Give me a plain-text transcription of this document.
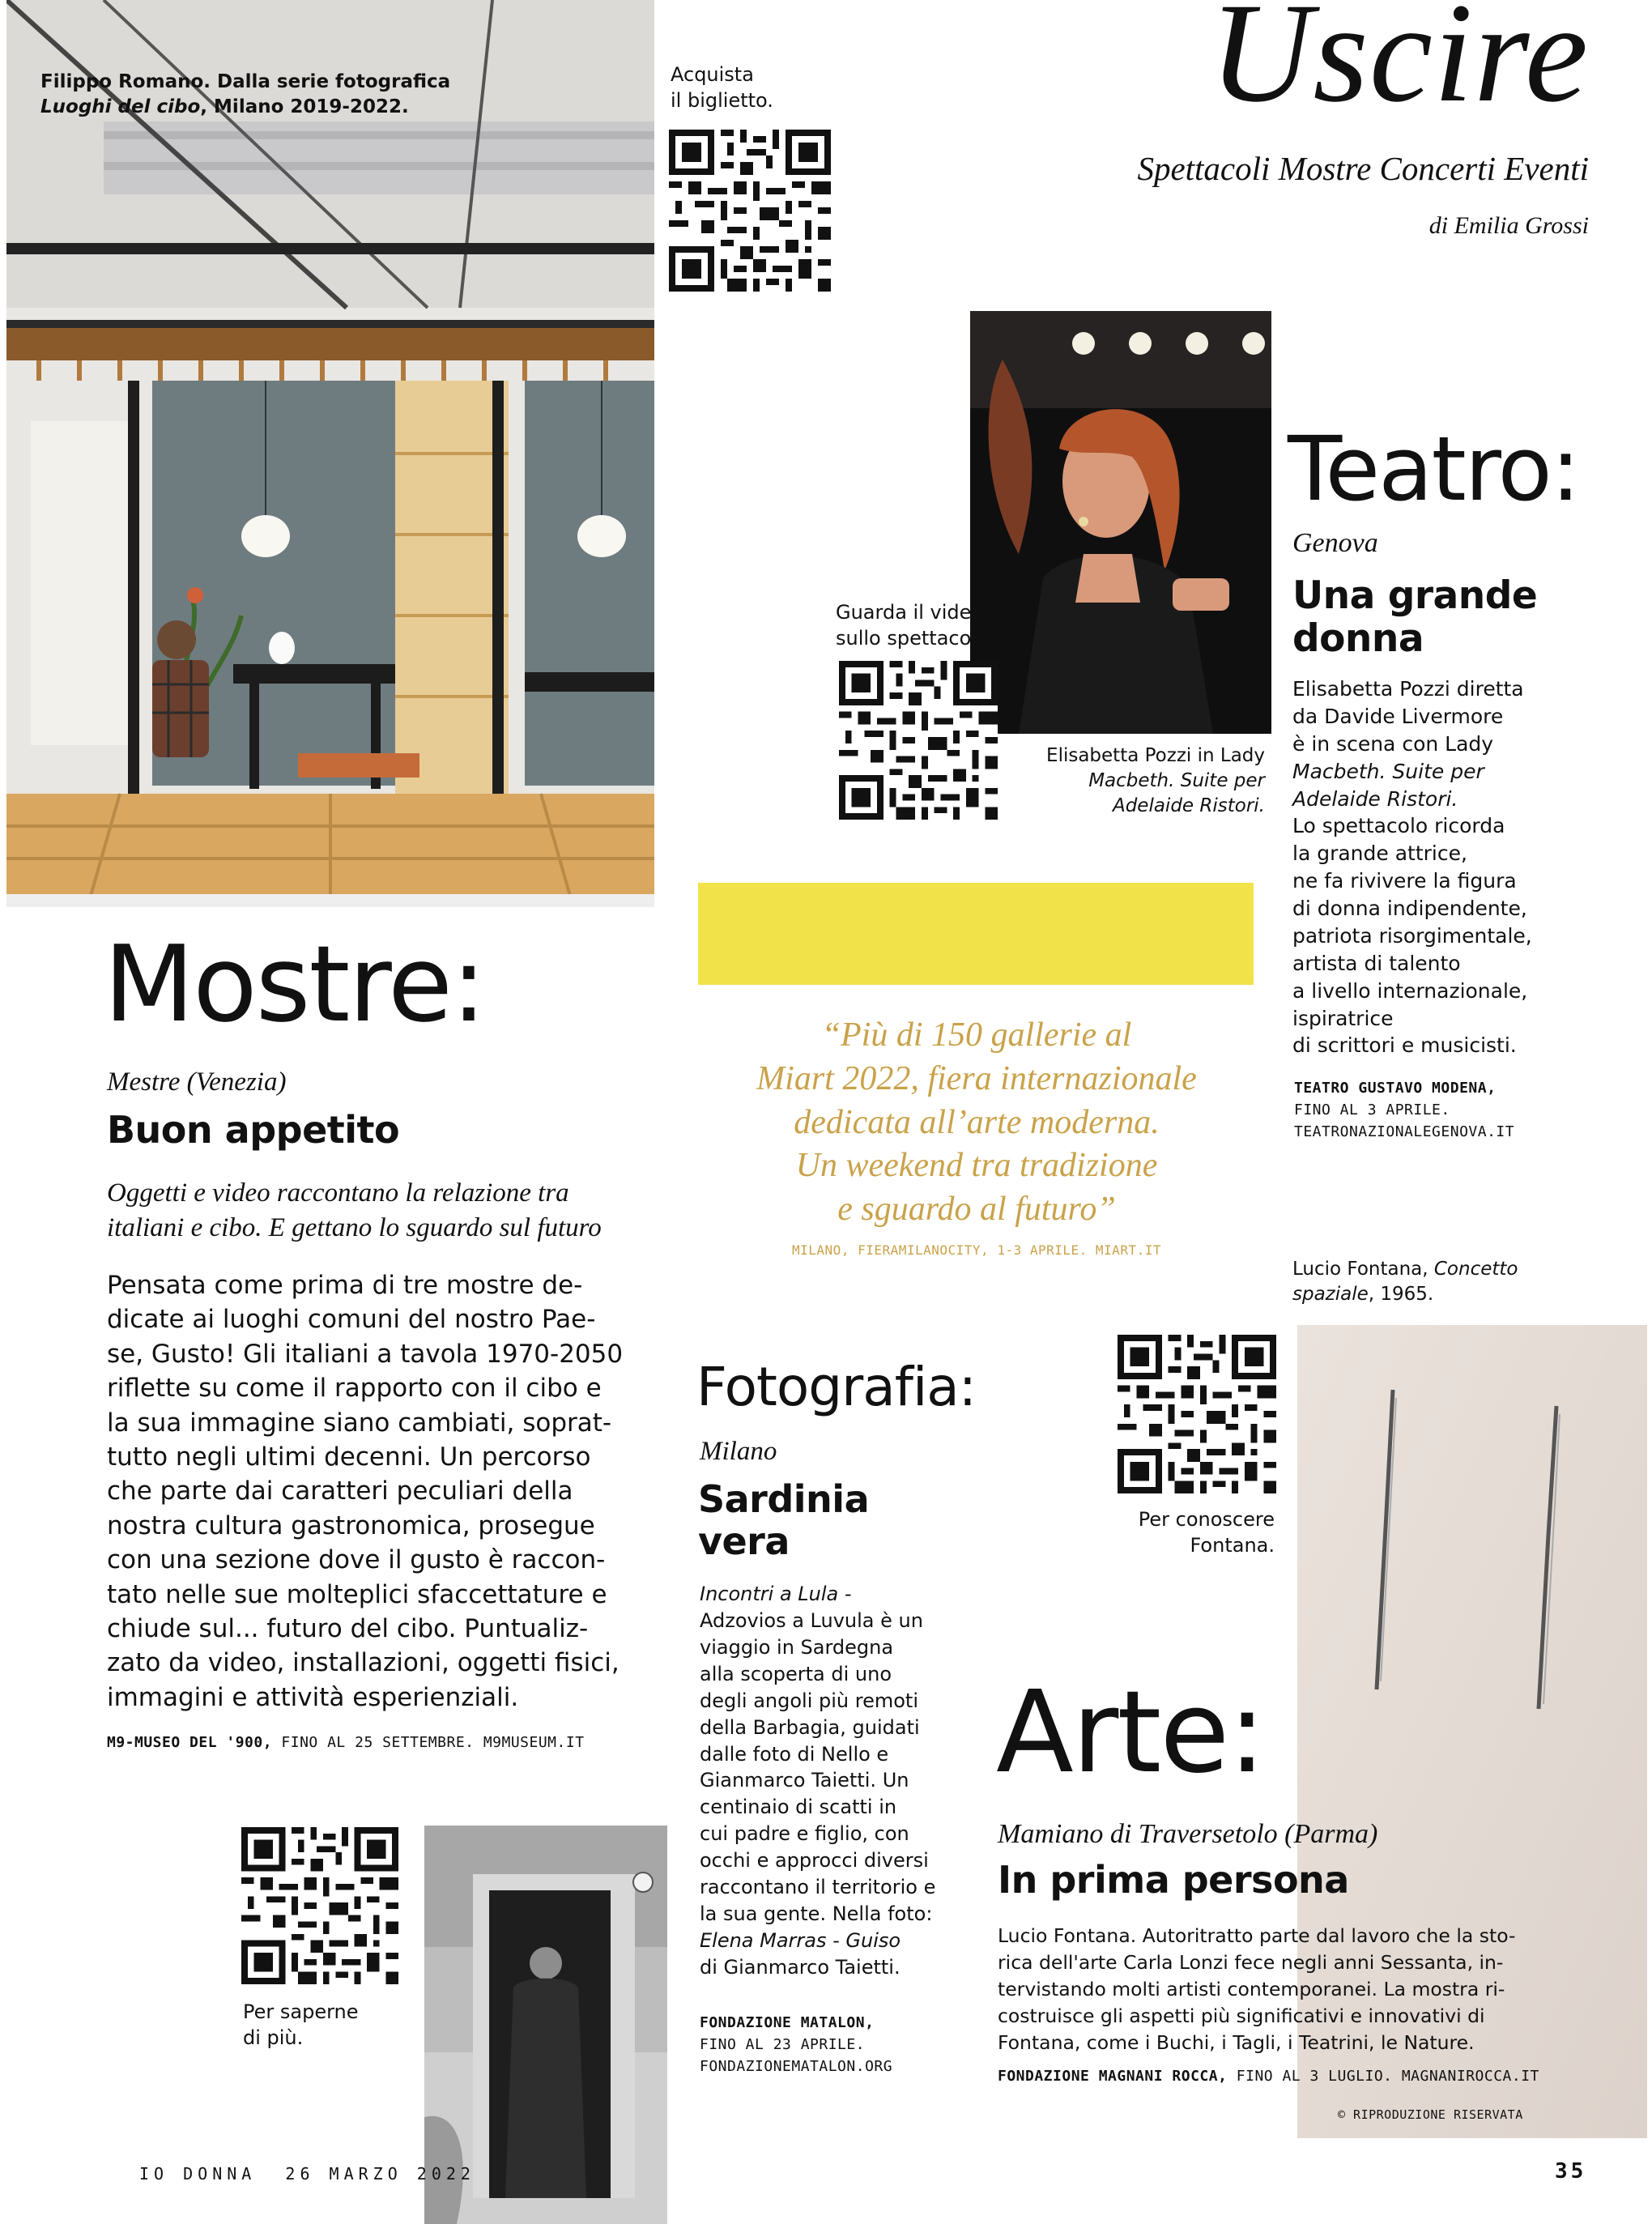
Filippo Romano. Dalla serie fotografica
Luoghi del cibo, Milano 2019-2022.
Acquista
il biglietto.	Uscire
Spettacoli Mostre Concerti Eventi
di Emilia Grossi
Guarda il video
sullo spettacolo.
Elisabetta Pozzi in Lady
Macbeth. Suite per
Adelaide Ristori.
Teatro:
Genova
Una grande
donna
Elisabetta Pozzi diretta
da Davide Livermore
è in scena con Lady
Macbeth. Suite per
Adelaide Ristori.
Lo spettacolo ricorda
la grande attrice,
ne fa rivivere la figura
di donna indipendente,
patriota risorgimentale,
artista di talento
a livello internazionale,
ispiratrice
di scrittori e musicisti.
TEATRO GUSTAVO MODENA,
FINO AL 3 APRILE.
TEATRONAZIONALEGENOVA.IT
“Più di 150 gallerie al
Miart 2022, fiera internazionale
dedicata all’arte moderna.
Un weekend tra tradizione
e sguardo al futuro”
MILANO, FIERAMILANOCITY, 1-3 APRILE. MIART.IT
Mostre:
Mestre (Venezia)
Buon appetito
Oggetti e video raccontano la relazione tra
italiani e cibo. E gettano lo sguardo sul futuro
Pensata come prima di tre mostre de-
dicate ai luoghi comuni del nostro Pae-
se, Gusto! Gli italiani a tavola 1970-2050
riflette su come il rapporto con il cibo e
la sua immagine siano cambiati, soprat-
tutto negli ultimi decenni. Un percorso
che parte dai caratteri peculiari della
nostra cultura gastronomica, prosegue
con una sezione dove il gusto è raccon-
tato nelle sue molteplici sfaccettature e
chiude sul... futuro del cibo. Puntualiz-
zato da video, installazioni, oggetti fisici,
immagini e attività esperienziali.
M9-MUSEO DEL '900, FINO AL 25 SETTEMBRE. M9MUSEUM.IT
Per saperne
di più.
Fotografia:
Milano
Sardinia
vera
Incontri a Lula -
Adzovios a Luvula è un
viaggio in Sardegna
alla scoperta di uno
degli angoli più remoti
della Barbagia, guidati
dalle foto di Nello e
Gianmarco Taietti. Un
centinaio di scatti in
cui padre e figlio, con
occhi e approcci diversi
raccontano il territorio e
la sua gente. Nella foto:
Elena Marras - Guiso
di Gianmarco Taietti.
FONDAZIONE MATALON,
FINO AL 23 APRILE.
FONDAZIONEMATALON.ORG
Lucio Fontana, Concetto
spaziale, 1965.
Per conoscere
Fontana.
Arte:
Mamiano di Traversetolo (Parma)
In prima persona
Lucio Fontana. Autoritratto parte dal lavoro che la sto-
rica dell'arte Carla Lonzi fece negli anni Sessanta, in-
tervistando molti artisti contemporanei. La mostra ri-
costruisce gli aspetti più significativi e innovativi di
Fontana, come i Buchi, i Tagli, i Teatrini, le Nature.
FONDAZIONE MAGNANI ROCCA, FINO AL 3 LUGLIO. MAGNANIROCCA.IT
© RIPRODUZIONE RISERVATA
IO DONNA  26 MARZO 2022	35
